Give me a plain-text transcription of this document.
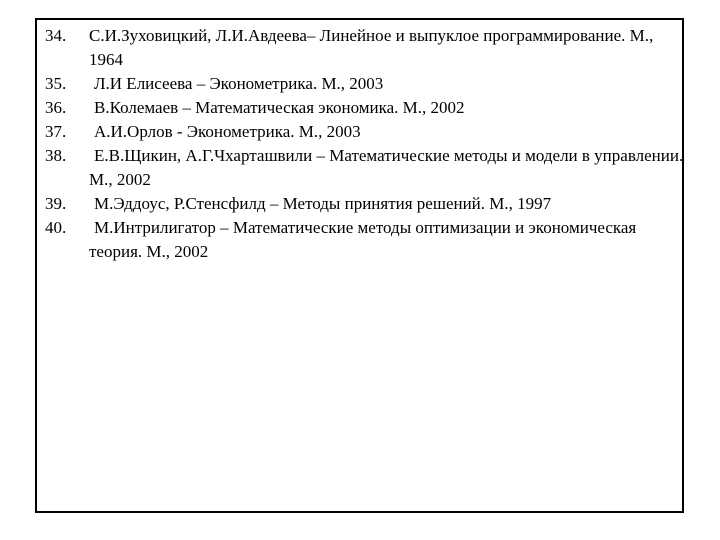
34.	С.И.Зуховицкий, Л.И.Авдеева– Линейное и выпуклое программирование. М., 1964
35.	Л.И Елисеева – Эконометрика. М., 2003
36.	В.Колемаев – Математическая экономика. М., 2002
37.	А.И.Орлов - Эконометрика. М., 2003
38.	Е.В.Щикин, А.Г.Чхарташвили – Математические методы и модели в управлении. М., 2002
39.	М.Эддоус, Р.Стенсфилд – Методы принятия решений. М., 1997
40.	М.Интрилигатор – Математические методы оптимизации и экономическая теория. М., 2002
